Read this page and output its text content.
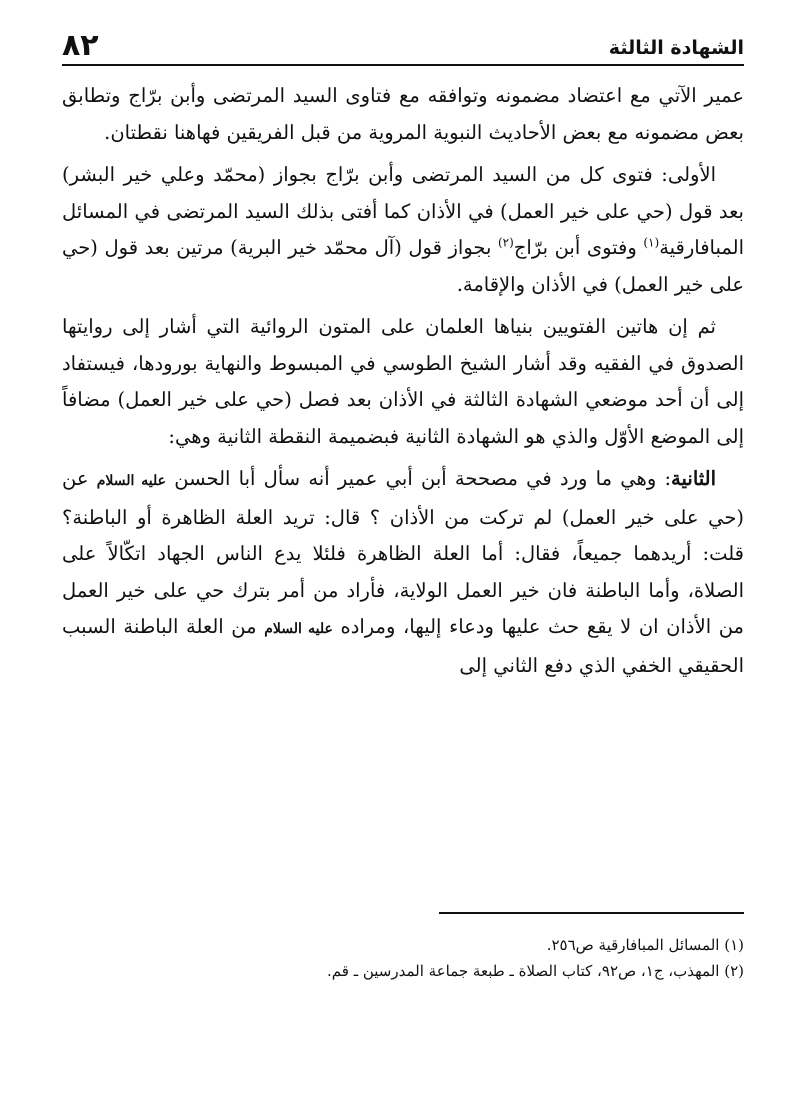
الشهادة الثالثة
٨٢

عمير الآتي مع اعتضاد مضمونه وتوافقه مع فتاوى السيد المرتضى وأبن برّاج وتطابق بعض مضمونه مع بعض الأحاديث النبوية المروية من قبل الفريقين فهاهنا نقطتان.

الأولى: فتوى كل من السيد المرتضى وأبن برّاج بجواز (محمّد وعلي خير البشر) بعد قول (حي على خير العمل) في الأذان كما أفتى بذلك السيد المرتضى في المسائل المبافارقية$^{(١)}$ وفتوى أبن برّاج$^{(٢)}$ بجواز قول (آل محمّد خير البرية) مرتين بعد قول (حي على خير العمل) في الأذان والإقامة.

ثم إن هاتين الفتويين بنياها العلمان على المتون الروائية التي أشار إلى روايتها الصدوق في الفقيه وقد أشار الشيخ الطوسي في المبسوط والنهاية بورودها، فيستفاد إلى أن أحد موضعي الشهادة الثالثة في الأذان بعد فصل (حي على خير العمل) مضافاً إلى الموضع الأوّل والذي هو الشهادة الثانية فبضميمة النقطة الثانية وهي:

الثانية: وهي ما ورد في مصححة أبن أبي عمير أنه سأل أبا الحسن عليه السلام عن (حي على خير العمل) لم تركت من الأذان ؟ قال: تريد العلة الظاهرة أو الباطنة؟ قلت: أريدهما جميعاً، فقال: أما العلة الظاهرة فلئلا يدع الناس الجهاد اتكّالاً على الصلاة، وأما الباطنة فان خير العمل الولاية، فأراد من أمر بترك حي على خير العمل من الأذان ان لا يقع حث عليها ودعاء إليها، ومراده عليه السلام من العلة الباطنة السبب الحقيقي الخفي الذي دفع الثاني إلى

(١) المسائل المبافارقية ص٢٥٦.

(٢) المهذب، ج١، ص٩٢، كتاب الصلاة ـ طبعة جماعة المدرسين ـ قم.
